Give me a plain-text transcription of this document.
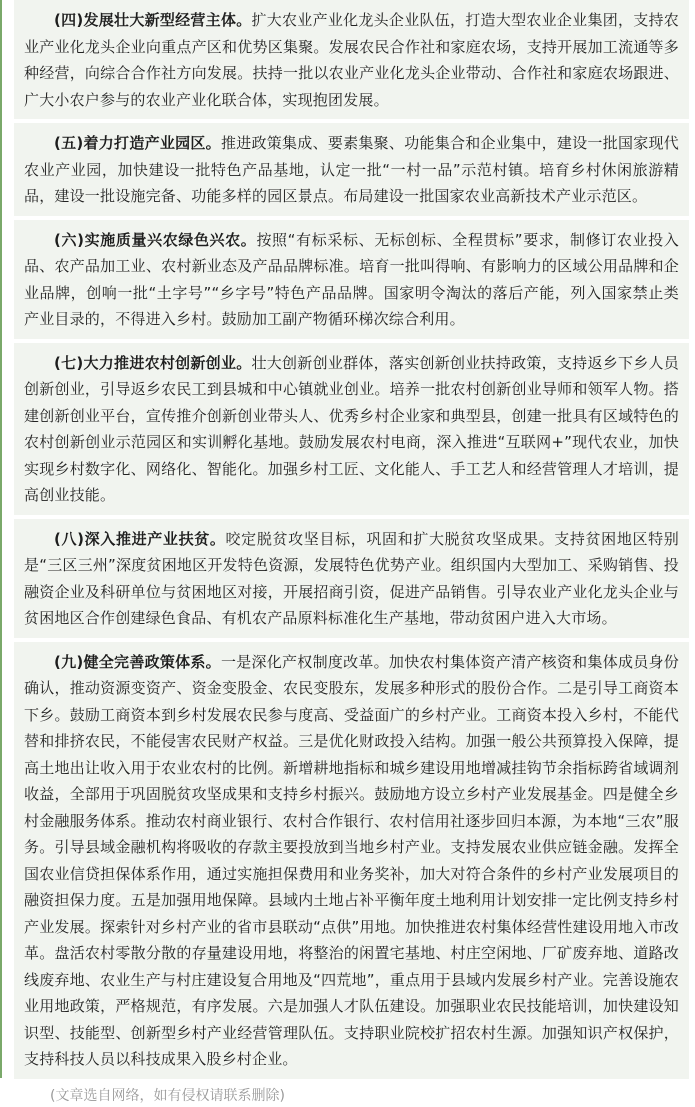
(四)发展壮大新型经营主体。扩大农业产业化龙头企业队伍，打造大型农业企业集团，支持农业产业化龙头企业向重点产区和优势区集聚。发展农民合作社和家庭农场，支持开展加工流通等多种经营，向综合合作社方向发展。扶持一批以农业产业化龙头企业带动、合作社和家庭农场跟进、广大小农户参与的农业产业化联合体，实现抱团发展。

(五)着力打造产业园区。推进政策集成、要素集聚、功能集合和企业集中，建设一批国家现代农业产业园，加快建设一批特色产品基地，认定一批“一村一品”示范村镇。培育乡村休闲旅游精品，建设一批设施完备、功能多样的园区景点。布局建设一批国家农业高新技术产业示范区。

(六)实施质量兴农绿色兴农。按照“有标采标、无标创标、全程贯标”要求，制修订农业投入品、农产品加工业、农村新业态及产品品牌标准。培育一批叫得响、有影响力的区域公用品牌和企业品牌，创响一批“土字号”“乡字号”特色产品品牌。国家明令淘汰的落后产能，列入国家禁止类产业目录的，不得进入乡村。鼓励加工副产物循环梯次综合利用。

(七)大力推进农村创新创业。壮大创新创业群体，落实创新创业扶持政策，支持返乡下乡人员创新创业，引导返乡农民工到县城和中心镇就业创业。培养一批农村创新创业导师和领军人物。搭建创新创业平台，宣传推介创新创业带头人、优秀乡村企业家和典型县，创建一批具有区域特色的农村创新创业示范园区和实训孵化基地。鼓励发展农村电商，深入推进“互联网+”现代农业，加快实现乡村数字化、网络化、智能化。加强乡村工匠、文化能人、手工艺人和经营管理人才培训，提高创业技能。

(八)深入推进产业扶贫。咬定脱贫攻坚目标，巩固和扩大脱贫攻坚成果。支持贫困地区特别是“三区三州”深度贫困地区开发特色资源，发展特色优势产业。组织国内大型加工、采购销售、投融资企业及科研单位与贫困地区对接，开展招商引资，促进产品销售。引导农业产业化龙头企业与贫困地区合作创建绿色食品、有机农产品原料标准化生产基地，带动贫困户进入大市场。

(九)健全完善政策体系。一是深化产权制度改革。加快农村集体资产清产核资和集体成员身份确认，推动资源变资产、资金变股金、农民变股东，发展多种形式的股份合作。二是引导工商资本下乡。鼓励工商资本到乡村发展农民参与度高、受益面广的乡村产业。工商资本投入乡村，不能代替和排挤农民，不能侵害农民财产权益。三是优化财政投入结构。加强一般公共预算投入保障，提高土地出让收入用于农业农村的比例。新增耕地指标和城乡建设用地增减挂钩节余指标跨省域调剂收益，全部用于巩固脱贫攻坚成果和支持乡村振兴。鼓励地方设立乡村产业发展基金。四是健全乡村金融服务体系。推动农村商业银行、农村合作银行、农村信用社逐步回归本源，为本地“三农”服务。引导县域金融机构将吸收的存款主要投放到当地乡村产业。支持发展农业供应链金融。发挥全国农业信贷担保体系作用，通过实施担保费用和业务奖补，加大对符合条件的乡村产业发展项目的融资担保力度。五是加强用地保障。县域内土地占补平衡年度土地利用计划安排一定比例支持乡村产业发展。探索针对乡村产业的省市县联动“点供”用地。加快推进农村集体经营性建设用地入市改革。盘活农村零散分散的存量建设用地，将整治的闲置宅基地、村庄空闲地、厂矿废弃地、道路改线废弃地、农业生产与村庄建设复合用地及“四荒地”，重点用于县域内发展乡村产业。完善设施农业用地政策，严格规范，有序发展。六是加强人才队伍建设。加强职业农民技能培训，加快建设知识型、技能型、创新型乡村产业经营管理队伍。支持职业院校扩招农村生源。加强知识产权保护，支持科技人员以科技成果入股乡村企业。

(文章选自网络，如有侵权请联系删除)
